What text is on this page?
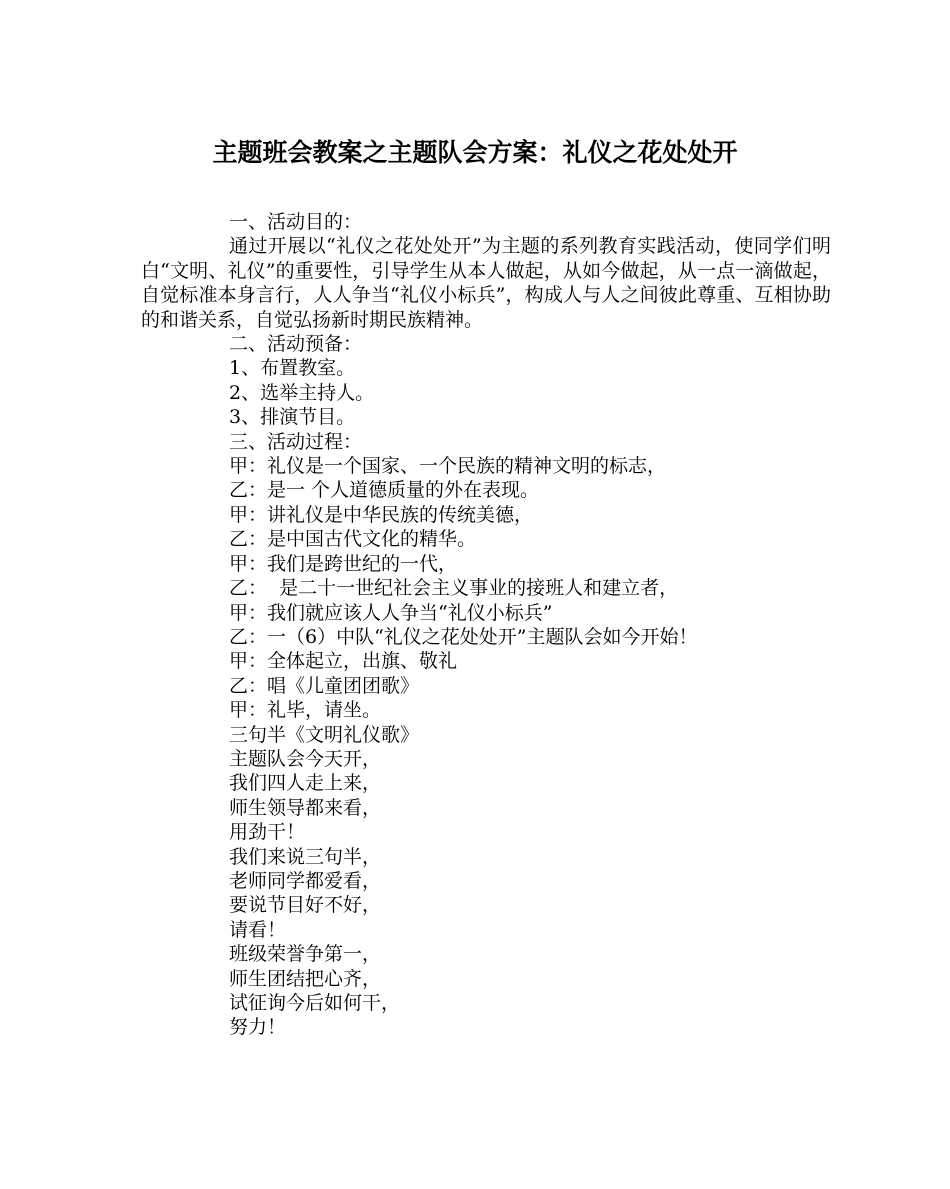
主题班会教案之主题队会方案：礼仪之花处处开

一、活动目的：

通过开展以“礼仪之花处处开”为主题的系列教育实践活动，使同学们明白“文明、礼仪”的重要性，引导学生从本人做起，从如今做起，从一点一滴做起，自觉标准本身言行，人人争当“礼仪小标兵”，构成人与人之间彼此尊重、互相协助的和谐关系，自觉弘扬新时期民族精神。

二、活动预备：

1、布置教室。

2、选举主持人。

3、排演节目。

三、活动过程：

甲：礼仪是一个国家、一个民族的精神文明的标志，

乙：是一 个人道德质量的外在表现。

甲：讲礼仪是中华民族的传统美德，

乙：是中国古代文化的精华。

甲：我们是跨世纪的一代，

乙：  是二十一世纪社会主义事业的接班人和建立者，

甲：我们就应该人人争当“礼仪小标兵”

乙：一（6）中队“礼仪之花处处开”主题队会如今开始！

甲：全体起立，出旗、敬礼

乙：唱《儿童团团歌》

甲：礼毕，请坐。

三句半《文明礼仪歌》

主题队会今天开，

我们四人走上来，

师生领导都来看，

用劲干！

我们来说三句半，

老师同学都爱看，

要说节目好不好，

请看！

班级荣誉争第一，

师生团结把心齐，

试征询今后如何干，

努力！
